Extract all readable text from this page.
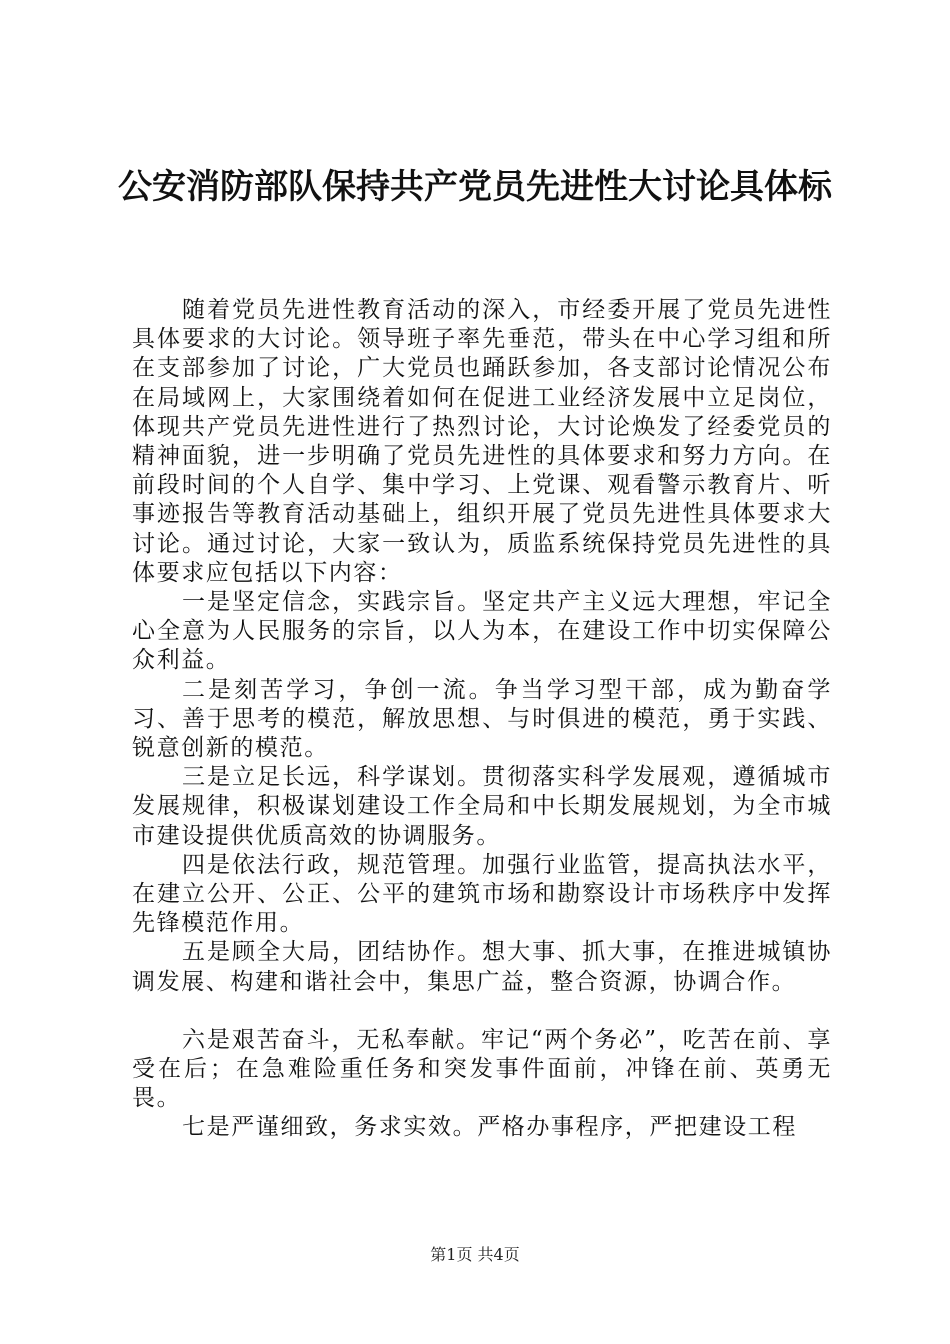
公安消防部队保持共产党员先进性大讨论具体标

随着党员先进性教育活动的深入，市经委开展了党员先进性具体要求的大讨论。领导班子率先垂范，带头在中心学习组和所在支部参加了讨论，广大党员也踊跃参加，各支部讨论情况公布在局域网上，大家围绕着如何在促进工业经济发展中立足岗位，体现共产党员先进性进行了热烈讨论，大讨论焕发了经委党员的精神面貌，进一步明确了党员先进性的具体要求和努力方向。在前段时间的个人自学、集中学习、上党课、观看警示教育片、听事迹报告等教育活动基础上，组织开展了党员先进性具体要求大讨论。通过讨论，大家一致认为，质监系统保持党员先进性的具体要求应包括以下内容：

一是坚定信念，实践宗旨。坚定共产主义远大理想，牢记全心全意为人民服务的宗旨，以人为本，在建设工作中切实保障公众利益。

二是刻苦学习，争创一流。争当学习型干部，成为勤奋学习、善于思考的模范，解放思想、与时俱进的模范，勇于实践、锐意创新的模范。

三是立足长远，科学谋划。贯彻落实科学发展观，遵循城市发展规律，积极谋划建设工作全局和中长期发展规划，为全市城市建设提供优质高效的协调服务。

四是依法行政，规范管理。加强行业监管，提高执法水平，在建立公开、公正、公平的建筑市场和勘察设计市场秩序中发挥先锋模范作用。

五是顾全大局，团结协作。想大事、抓大事，在推进城镇协调发展、构建和谐社会中，集思广益，整合资源，协调合作。

六是艰苦奋斗，无私奉献。牢记“两个务必”，吃苦在前、享受在后；在急难险重任务和突发事件面前，冲锋在前、英勇无畏。

七是严谨细致，务求实效。严格办事程序，严把建设工程

第1页 共4页
